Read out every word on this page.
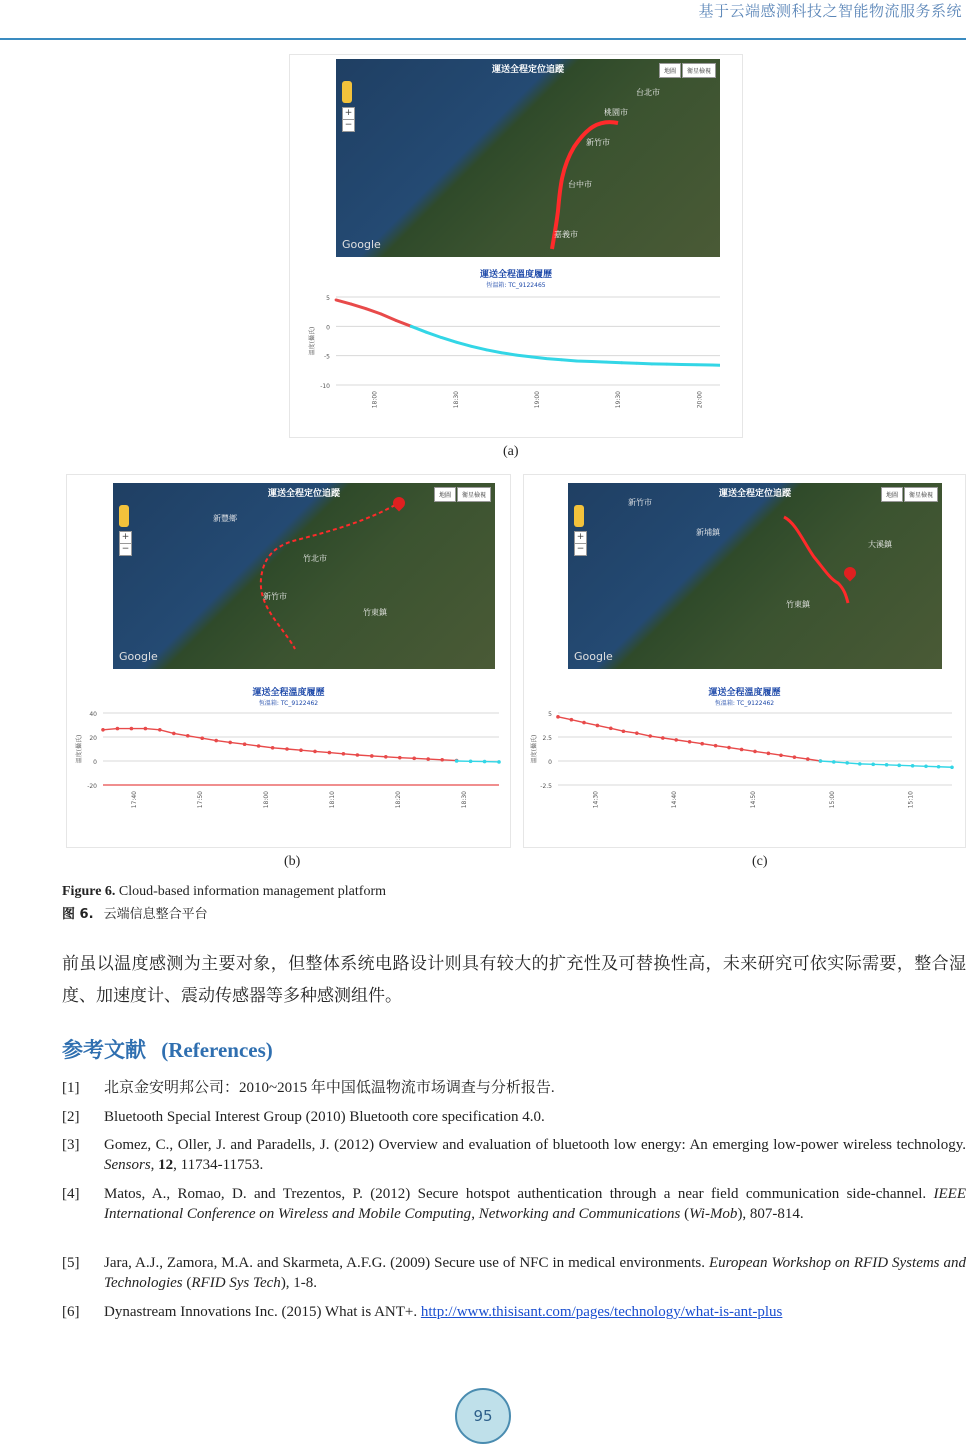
基于云端感测科技之智能物流服务系统
運送全程定位追蹤
+
−
地圖	衛星檢視
台北市
桃園市
新竹市
台中市
嘉義市
Google
運送全程溫度履歷
恆溫箱: TC_9122465
5
0
-5
-10
溫度(攝氏)
18:00	18:30	19:00	19:30	20:00
(a)
運送全程定位追蹤
+
−
地圖	衛星檢視
新竹市
竹北市
竹東鎮
新豐鄉
Google
運送全程溫度履歷
恆溫箱: TC_9122462
40
20
0
-20
溫度(攝氏)
17:40	17:50	18:00	18:10	18:20	18:30
(b)
運送全程定位追蹤
+
−
地圖	衛星檢視
新竹市
竹東鎮
大溪鎮
新埔鎮
Google
運送全程溫度履歷
恆溫箱: TC_9122462
5
2.5
0
-2.5
溫度(攝氏)
14:30	14:40	14:50	15:00	15:10
(c)
Figure 6. Cloud-based information management platform
图 6. 云端信息整合平台
前虽以温度感测为主要对象，但整体系统电路设计则具有较大的扩充性及可替换性高，未来研究可依实际需要，整合湿度、加速度计、震动传感器等多种感测组件。
参考文献 (References)
[1] 北京金安明邦公司：2010~2015 年中国低温物流市场调查与分析报告.
[2] Bluetooth Special Interest Group (2010) Bluetooth core specification 4.0.
[3] Gomez, C., Oller, J. and Paradells, J. (2012) Overview and evaluation of bluetooth low energy: An emerging low-power wireless technology. Sensors, 12, 11734-11753.
[4] Matos, A., Romao, D. and Trezentos, P. (2012) Secure hotspot authentication through a near field communication side-channel. IEEE International Conference on Wireless and Mobile Computing, Networking and Communications (Wi-Mob), 807-814.
[5] Jara, A.J., Zamora, M.A. and Skarmeta, A.F.G. (2009) Secure use of NFC in medical environments. European Workshop on RFID Systems and Technologies (RFID Sys Tech), 1-8.
[6] Dynastream Innovations Inc. (2015) What is ANT+. http://www.thisisant.com/pages/technology/what-is-ant-plus
95
